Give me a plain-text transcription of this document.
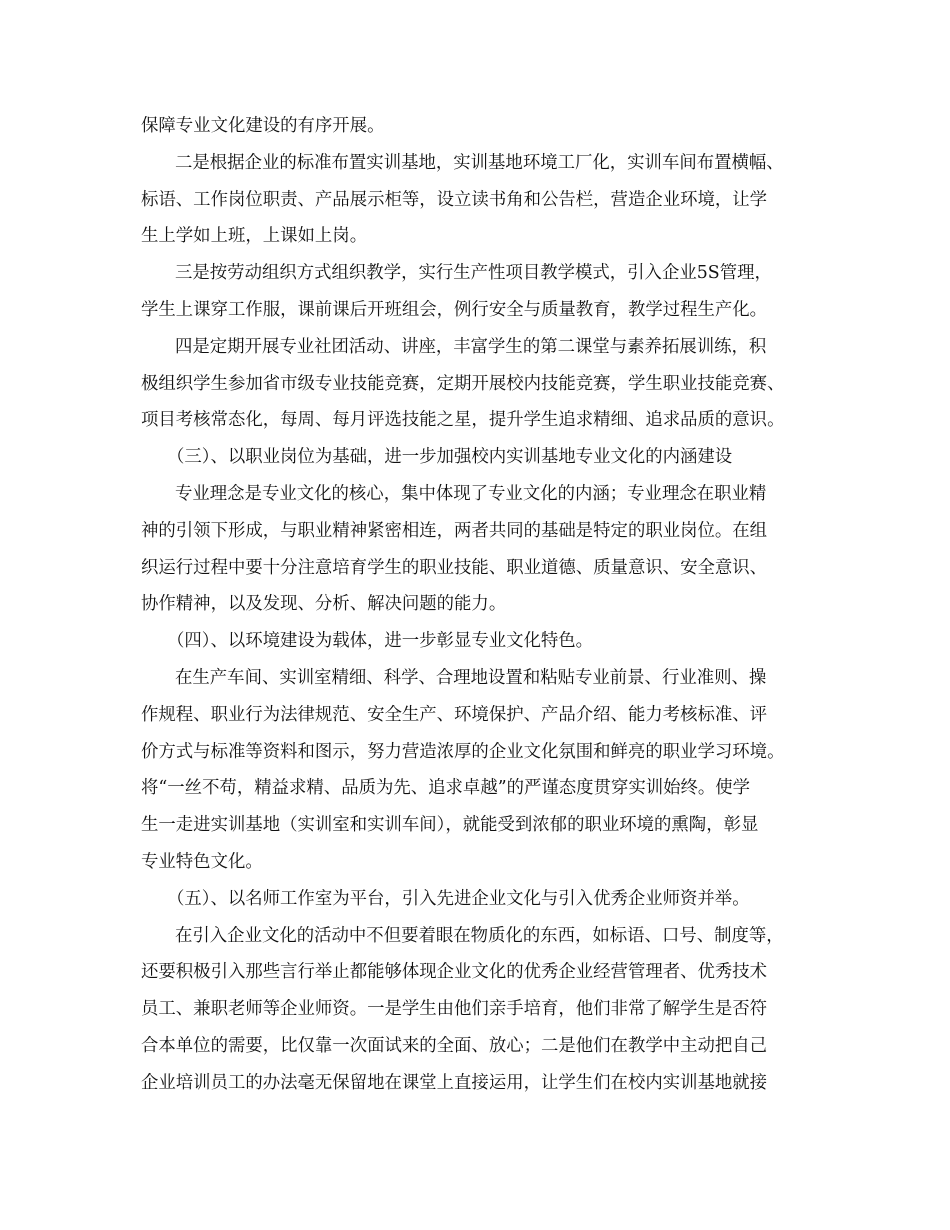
保障专业文化建设的有序开展。
二是根据企业的标准布置实训基地，实训基地环境工厂化，实训车间布置横幅、
标语、工作岗位职责、产品展示柜等，设立读书角和公告栏，营造企业环境，让学
生上学如上班，上课如上岗。
三是按劳动组织方式组织教学，实行生产性项目教学模式，引入企业5S管理，
学生上课穿工作服，课前课后开班组会，例行安全与质量教育，教学过程生产化。
四是定期开展专业社团活动、讲座，丰富学生的第二课堂与素养拓展训练，积
极组织学生参加省市级专业技能竞赛，定期开展校内技能竞赛，学生职业技能竞赛、
项目考核常态化，每周、每月评选技能之星，提升学生追求精细、追求品质的意识。
（三）、以职业岗位为基础，进一步加强校内实训基地专业文化的内涵建设
专业理念是专业文化的核心，集中体现了专业文化的内涵；专业理念在职业精
神的引领下形成，与职业精神紧密相连，两者共同的基础是特定的职业岗位。在组
织运行过程中要十分注意培育学生的职业技能、职业道德、质量意识、安全意识、
协作精神，以及发现、分析、解决问题的能力。
（四）、以环境建设为载体，进一步彰显专业文化特色。
在生产车间、实训室精细、科学、合理地设置和粘贴专业前景、行业准则、操
作规程、职业行为法律规范、安全生产、环境保护、产品介绍、能力考核标准、评
价方式与标准等资料和图示，努力营造浓厚的企业文化氛围和鲜亮的职业学习环境。
将“一丝不苟，精益求精、品质为先、追求卓越”的严谨态度贯穿实训始终。使学
生一走进实训基地（实训室和实训车间），就能受到浓郁的职业环境的熏陶，彰显
专业特色文化。
（五）、以名师工作室为平台，引入先进企业文化与引入优秀企业师资并举。
在引入企业文化的活动中不但要着眼在物质化的东西，如标语、口号、制度等，
还要积极引入那些言行举止都能够体现企业文化的优秀企业经营管理者、优秀技术
员工、兼职老师等企业师资。一是学生由他们亲手培育，他们非常了解学生是否符
合本单位的需要，比仅靠一次面试来的全面、放心；二是他们在教学中主动把自己
企业培训员工的办法毫无保留地在课堂上直接运用，让学生们在校内实训基地就接
